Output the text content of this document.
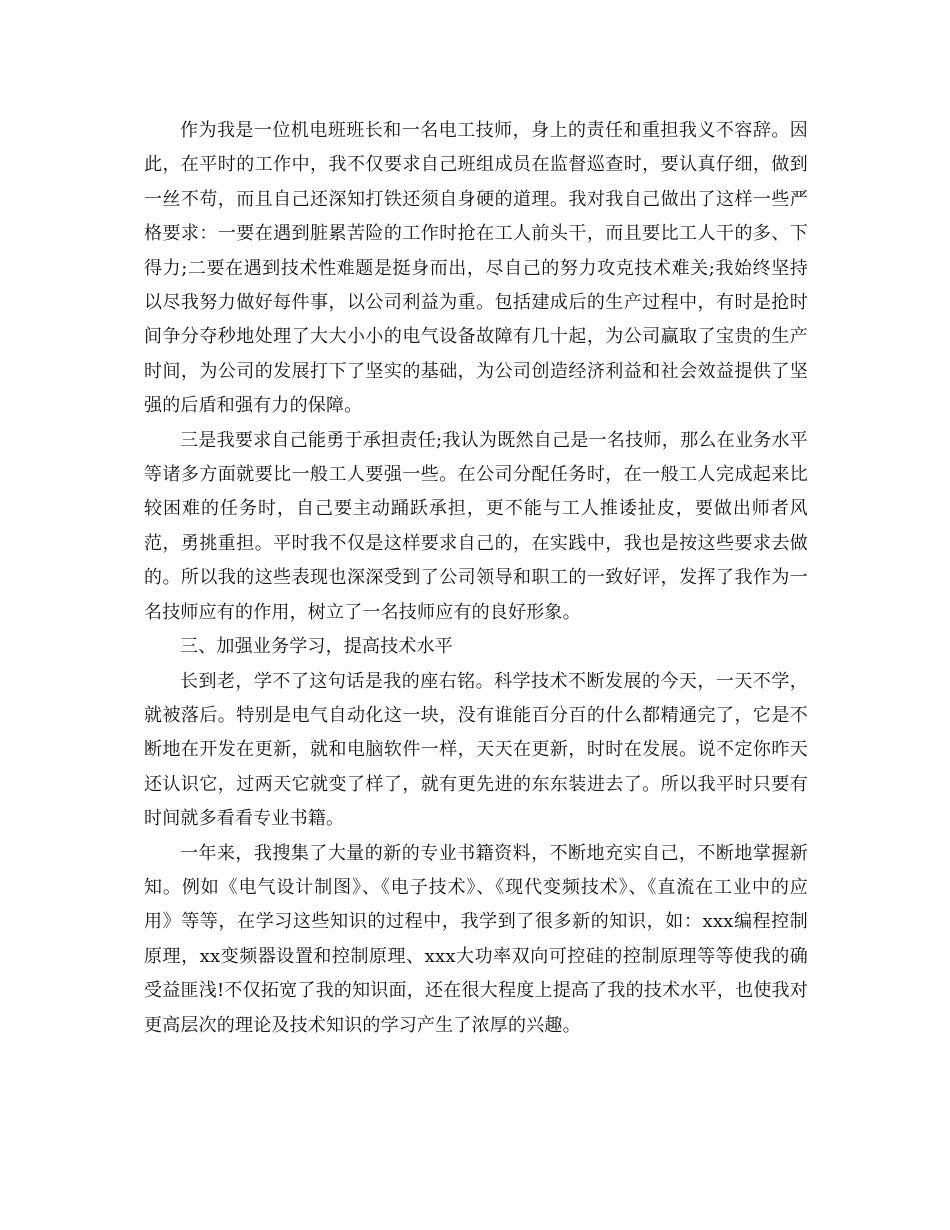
作为我是一位机电班班长和一名电工技师，身上的责任和重担我义不容辞。因此，在平时的工作中，我不仅要求自己班组成员在监督巡查时，要认真仔细，做到一丝不苟，而且自己还深知打铁还须自身硬的道理。我对我自己做出了这样一些严格要求：一要在遇到脏累苦险的工作时抢在工人前头干，而且要比工人干的多、下得力;二要在遇到技术性难题是挺身而出，尽自己的努力攻克技术难关;我始终坚持以尽我努力做好每件事，以公司利益为重。包括建成后的生产过程中，有时是抢时间争分夺秒地处理了大大小小的电气设备故障有几十起，为公司赢取了宝贵的生产时间，为公司的发展打下了坚实的基础，为公司创造经济利益和社会效益提供了坚强的后盾和强有力的保障。

三是我要求自己能勇于承担责任;我认为既然自己是一名技师，那么在业务水平等诸多方面就要比一般工人要强一些。在公司分配任务时，在一般工人完成起来比较困难的任务时，自己要主动踊跃承担，更不能与工人推诿扯皮，要做出师者风范，勇挑重担。平时我不仅是这样要求自己的，在实践中，我也是按这些要求去做的。所以我的这些表现也深深受到了公司领导和职工的一致好评，发挥了我作为一名技师应有的作用，树立了一名技师应有的良好形象。

三、加强业务学习，提高技术水平

长到老，学不了这句话是我的座右铭。科学技术不断发展的今天，一天不学，就被落后。特别是电气自动化这一块，没有谁能百分百的什么都精通完了，它是不断地在开发在更新，就和电脑软件一样，天天在更新，时时在发展。说不定你昨天还认识它，过两天它就变了样了，就有更先进的东东装进去了。所以我平时只要有时间就多看看专业书籍。

一年来，我搜集了大量的新的专业书籍资料，不断地充实自己，不断地掌握新知。例如《电气设计制图》、《电子技术》、《现代变频技术》、《直流在工业中的应用》等等，在学习这些知识的过程中，我学到了很多新的知识，如：xxx编程控制原理，xx变频器设置和控制原理、xxx大功率双向可控硅的控制原理等等使我的确受益匪浅!不仅拓宽了我的知识面，还在很大程度上提高了我的技术水平，也使我对更高层次的理论及技术知识的学习产生了浓厚的兴趣。
